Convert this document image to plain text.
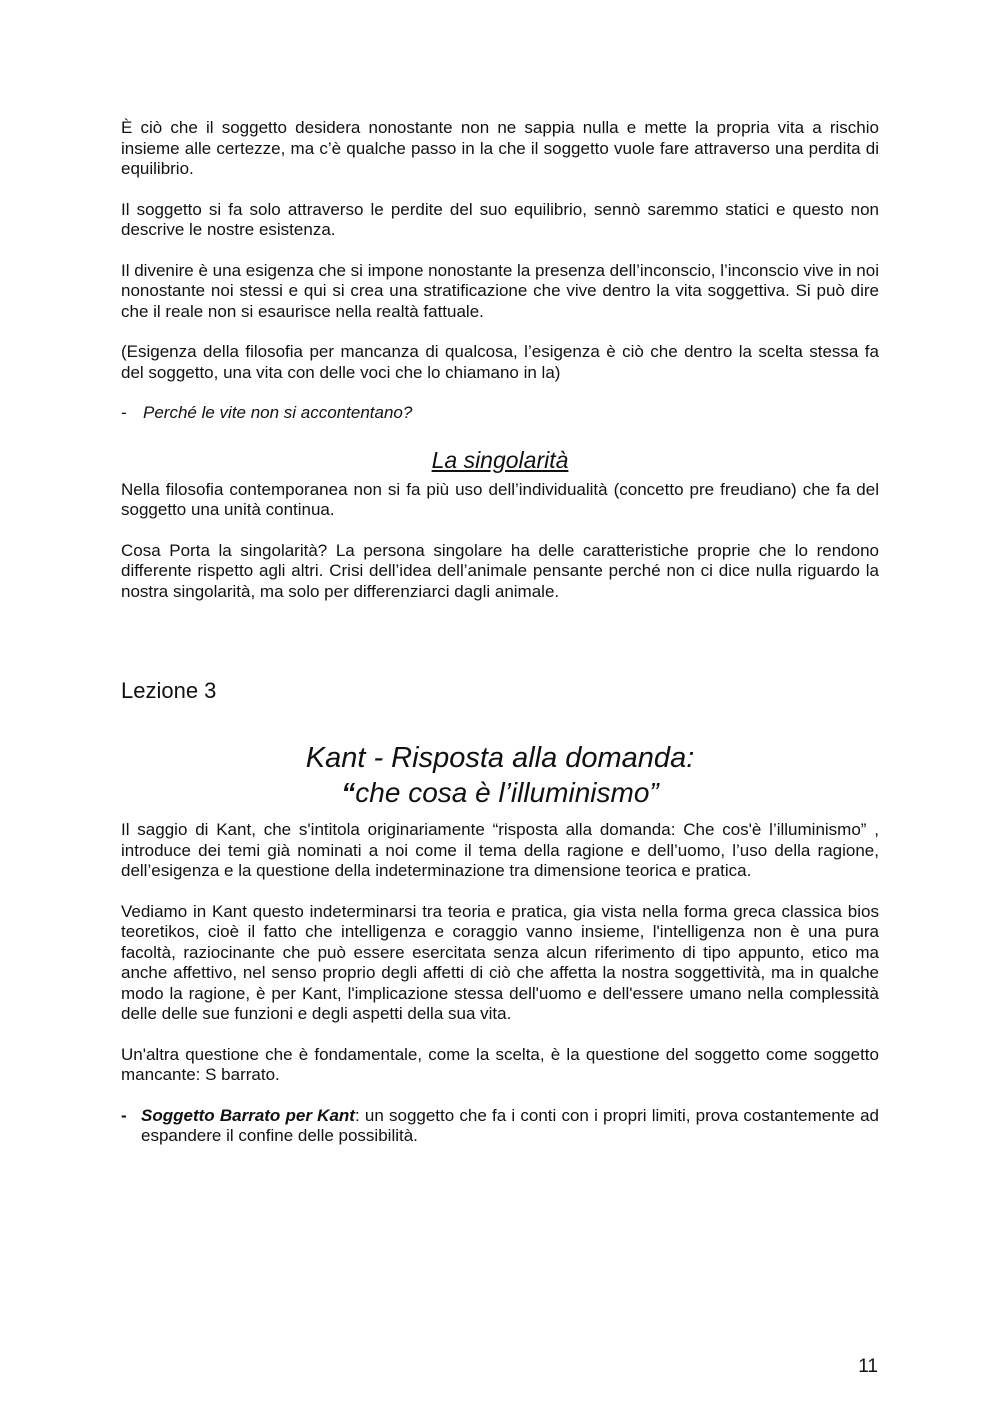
È ciò che il soggetto desidera nonostante non ne sappia nulla e mette la propria vita a rischio insieme alle certezze, ma c’è qualche passo in la che il soggetto vuole fare attraverso una perdita di equilibrio.

Il soggetto si fa solo attraverso le perdite del suo equilibrio, sennò saremmo statici e questo non descrive le nostre esistenza.

Il divenire è una esigenza che si impone nonostante la presenza dell’inconscio, l’inconscio vive in noi nonostante noi stessi e qui si crea una stratificazione che vive dentro la vita soggettiva. Si può dire che il reale non si esaurisce nella realtà fattuale.

(Esigenza della filosofia per mancanza di qualcosa, l’esigenza è ciò che dentro la scelta stessa fa del soggetto, una vita con delle voci che lo chiamano in la)

- Perché le vite non si accontentano?
La singolarità

Nella filosofia contemporanea non si fa più uso dell’individualità (concetto pre freudiano) che fa del soggetto una unità continua.

Cosa Porta la singolarità? La persona singolare ha delle caratteristiche proprie che lo rendono differente rispetto agli altri. Crisi dell’idea dell’animale pensante perché non ci dice nulla riguardo la nostra singolarità, ma solo per differenziarci dagli animale.

Lezione 3

Kant - Risposta alla domanda:
“che cosa è l’illuminismo”

Il saggio di Kant, che s'intitola originariamente “risposta alla domanda: Che cos'è l’illuminismo” , introduce dei temi già nominati a noi come il tema della ragione e dell’uomo, l’uso della ragione, dell’esigenza e la questione della indeterminazione tra dimensione teorica e pratica.

Vediamo in Kant questo indeterminarsi tra teoria e pratica, gia vista nella forma greca classica bios teoretikos, cioè il fatto che intelligenza e coraggio vanno insieme, l'intelligenza non è una pura facoltà, raziocinante che può essere esercitata senza alcun riferimento di tipo appunto, etico ma anche affettivo, nel senso proprio degli affetti di ciò che affetta la nostra soggettività, ma in qualche modo la ragione, è per Kant, l'implicazione stessa dell'uomo e dell'essere umano nella complessità delle delle sue funzioni e degli aspetti della sua vita.

Un'altra questione che è fondamentale, come la scelta, è la questione del soggetto come soggetto mancante: S barrato.

- Soggetto Barrato per Kant: un soggetto che fa i conti con i propri limiti, prova costantemente ad espandere il confine delle possibilità.
11
